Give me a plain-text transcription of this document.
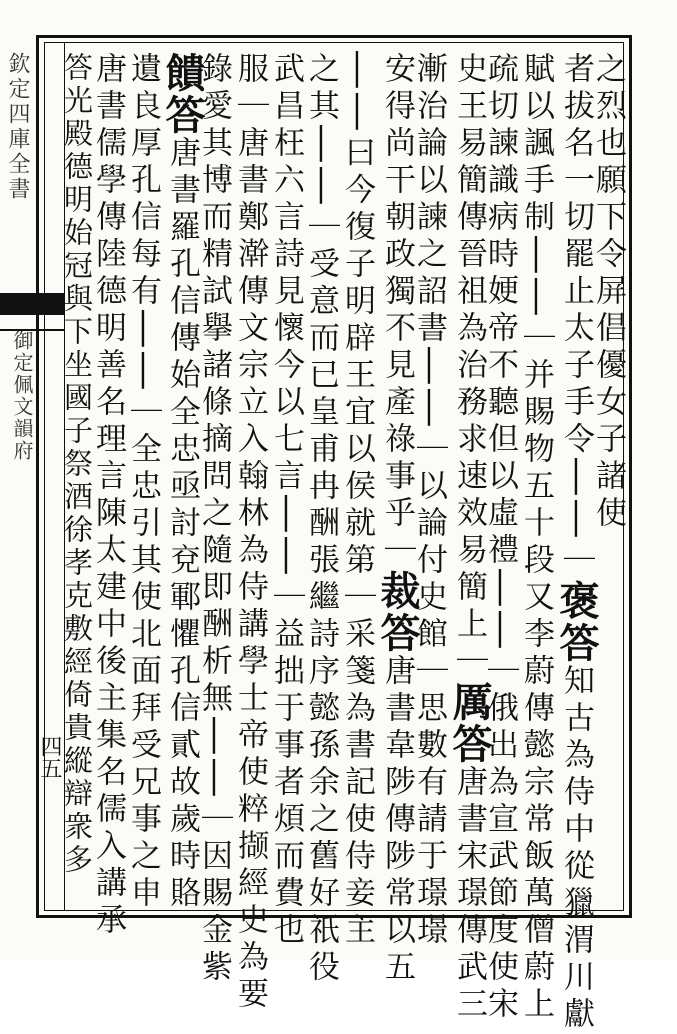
欽定四庫全書
御定佩文韻府
四五
之烈也願下令屏倡優女子諸使
者拔名一切罷止太子手令││｜褒答知古為侍中從獵渭川獻
賦以諷手制││｜并賜物五十段又李蔚傳懿宗常飯萬僧蔚上
疏切諫識病時㛐帝不聽但以虛禮││｜俄出為宣武節度使宋
史王易簡傳晉祖為治務求速效易簡上｜厲答唐書宋璟傳武三
漸治論以諫之詔書││｜以論付史館｜思數有請于璟璟
安得尚干朝政獨不見產祿事乎｜裁答唐書韋陟傳陟常以五
││曰今復子明辟王宜以侯就第｜采箋為書記使侍妾主
之其││｜受意而已皇甫冉酬張繼詩序懿孫余之舊好祇役
武昌枉六言詩見懷今以七言││｜益拙于事者煩而費也
服｜唐書鄭澣傳文宗立入翰林為侍講學士帝使粹撷經史為要
錄愛其博而精試擧諸條摘問之隨即酬析無││｜因賜金紫
饋答唐書羅孔信傳始全忠亟討兗鄆懼孔信貳故歲時賂
遺良厚孔信每有││｜全忠引其使北面拜受兄事之申
唐書儒學傳陸德明善名理言陳太建中後主集名儒入講承
答光殿德明始冠與下坐國子祭酒徐孝克敷經倚貴縱辯衆多
